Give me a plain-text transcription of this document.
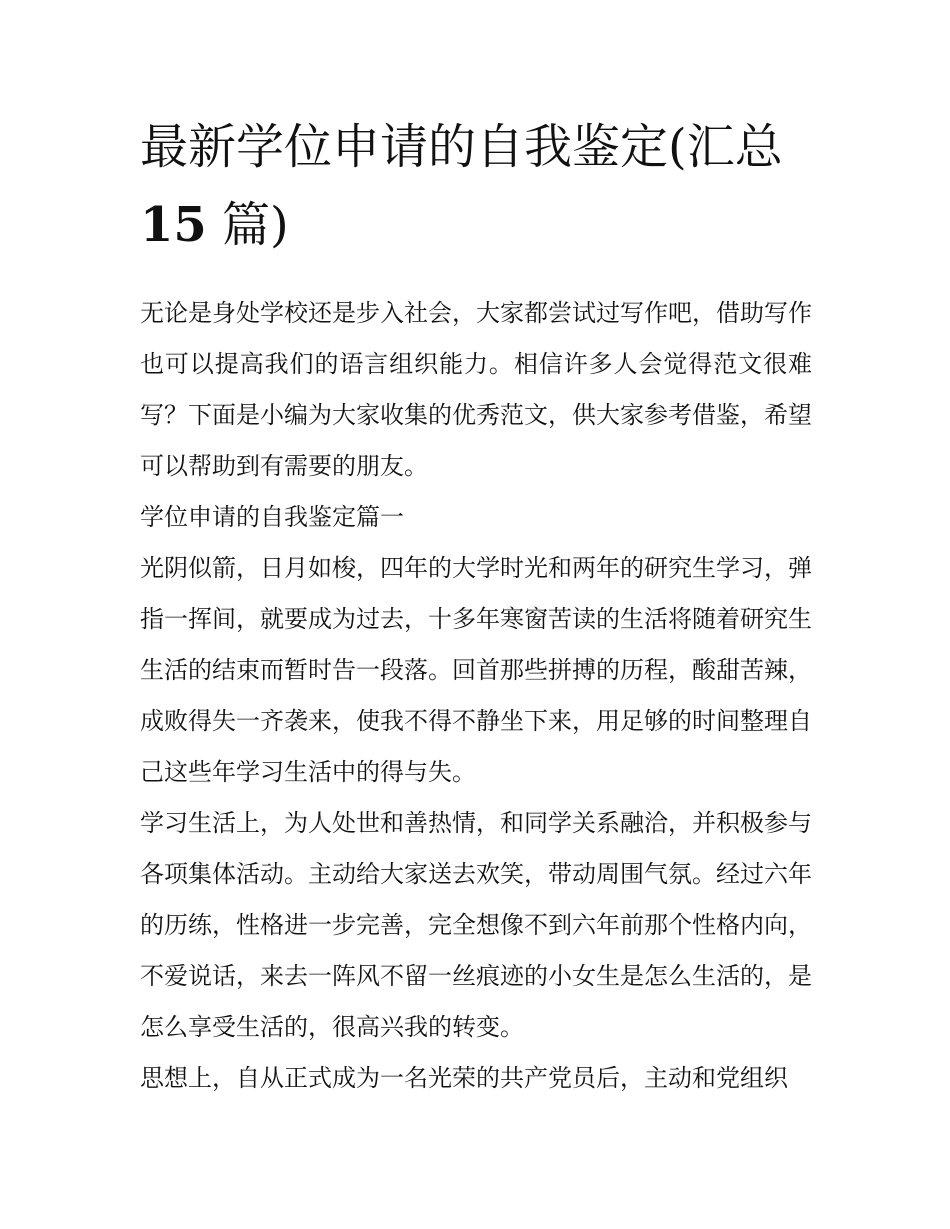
最新学位申请的自我鉴定(汇总15 篇)

无论是身处学校还是步入社会，大家都尝试过写作吧，借助写作也可以提高我们的语言组织能力。相信许多人会觉得范文很难写？下面是小编为大家收集的优秀范文，供大家参考借鉴，希望可以帮助到有需要的朋友。

学位申请的自我鉴定篇一

光阴似箭，日月如梭，四年的大学时光和两年的研究生学习，弹指一挥间，就要成为过去，十多年寒窗苦读的生活将随着研究生生活的结束而暂时告一段落。回首那些拼搏的历程，酸甜苦辣，成败得失一齐袭来，使我不得不静坐下来，用足够的时间整理自己这些年学习生活中的得与失。

学习生活上，为人处世和善热情，和同学关系融洽，并积极参与各项集体活动。主动给大家送去欢笑，带动周围气氛。经过六年的历练，性格进一步完善，完全想像不到六年前那个性格内向，不爱说话，来去一阵风不留一丝痕迹的小女生是怎么生活的，是怎么享受生活的，很高兴我的转变。

思想上，自从正式成为一名光荣的共产党员后，主动和党组织
